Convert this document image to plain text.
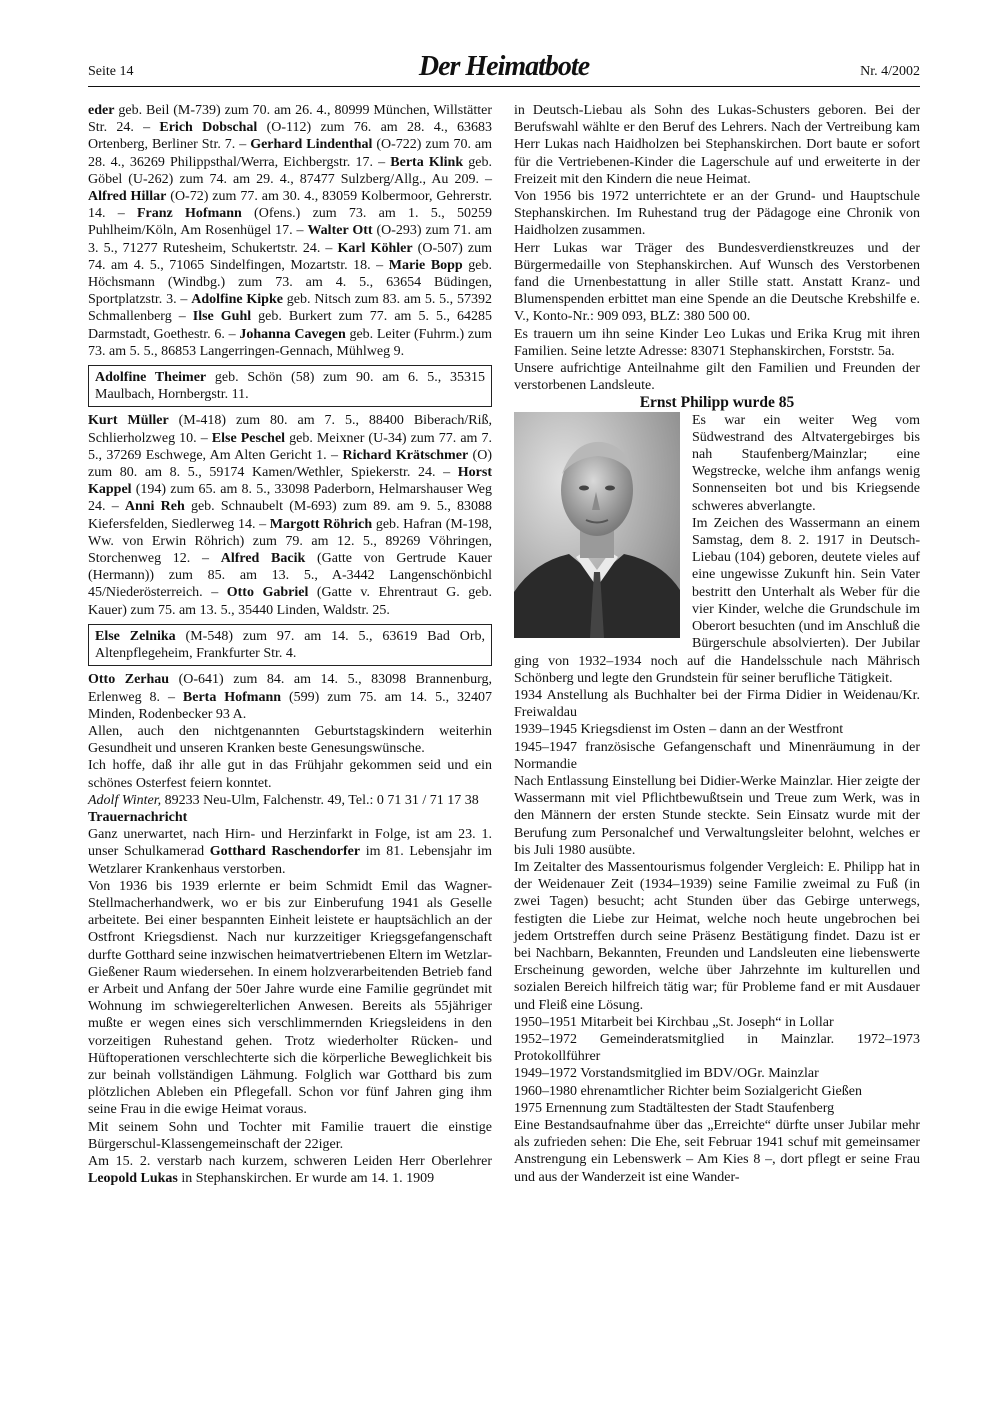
Seite 14	Der Heimatbote	Nr. 4/2002

eder geb. Beil (M-739) zum 70. am 26. 4., 80999 München, Willstätter Str. 24. – Erich Dobschal (O-112) zum 76. am 28. 4., 63683 Ortenberg, Berliner Str. 7. – Gerhard Lindenthal (O-722) zum 70. am 28. 4., 36269 Philippsthal/Werra, Eichbergstr. 17. – Berta Klink geb. Göbel (U-262) zum 74. am 29. 4., 87477 Sulzberg/Allg., Au 209. – Alfred Hillar (O-72) zum 77. am 30. 4., 83059 Kolbermoor, Gehrerstr. 14. – Franz Hofmann (Ofens.) zum 73. am 1. 5., 50259 Puhlheim/Köln, Am Rosenhügel 17. – Walter Ott (O-293) zum 71. am 3. 5., 71277 Rutesheim, Schukertstr. 24. – Karl Köhler (O-507) zum 74. am 4. 5., 71065 Sindelfingen, Mozartstr. 18. – Marie Bopp geb. Höchsmann (Windbg.) zum 73. am 4. 5., 63654 Büdingen, Sportplatzstr. 3. – Adolfine Kipke geb. Nitsch zum 83. am 5. 5., 57392 Schmallenberg – Ilse Guhl geb. Burkert zum 77. am 5. 5., 64285 Darmstadt, Goethestr. 6. – Johanna Cavegen geb. Leiter (Fuhrm.) zum 73. am 5. 5., 86853 Langerringen-Gennach, Mühlweg 9.

Adolfine Theimer geb. Schön (58) zum 90. am 6. 5., 35315 Maulbach, Hornbergstr. 11.

Kurt Müller (M-418) zum 80. am 7. 5., 88400 Biberach/Riß, Schlierholzweg 10. – Else Peschel geb. Meixner (U-34) zum 77. am 7. 5., 37269 Eschwege, Am Alten Gericht 1. – Richard Krätschmer (O) zum 80. am 8. 5., 59174 Kamen/Wethler, Spiekerstr. 24. – Horst Kappel (194) zum 65. am 8. 5., 33098 Paderborn, Helmarshauser Weg 24. – Anni Reh geb. Schnaubelt (M-693) zum 89. am 9. 5., 83088 Kiefersfelden, Siedlerweg 14. – Margott Röhrich geb. Hafran (M-198, Ww. von Erwin Röhrich) zum 79. am 12. 5., 89269 Vöhringen, Storchenweg 12. – Alfred Bacik (Gatte von Gertrude Kauer (Hermann)) zum 85. am 13. 5., A-3442 Langenschönbichl 45/Niederösterreich. – Otto Gabriel (Gatte v. Ehrentraut G. geb. Kauer) zum 75. am 13. 5., 35440 Linden, Waldstr. 25.

Else Zelnika (M-548) zum 97. am 14. 5., 63619 Bad Orb, Altenpflegeheim, Frankfurter Str. 4.

Otto Zerhau (O-641) zum 84. am 14. 5., 83098 Brannenburg, Erlenweg 8. – Berta Hofmann (599) zum 75. am 14. 5., 32407 Minden, Rodenbecker 93 A.

Allen, auch den nichtgenannten Geburtstagskindern weiterhin Gesundheit und unseren Kranken beste Genesungswünsche.

Ich hoffe, daß ihr alle gut in das Frühjahr gekommen seid und ein schönes Osterfest feiern konntet.

Adolf Winter, 89233 Neu-Ulm, Falchenstr. 49, Tel.: 0 71 31 / 71 17 38

Trauernachricht

Ganz unerwartet, nach Hirn- und Herzinfarkt in Folge, ist am 23. 1. unser Schulkamerad Gotthard Raschendorfer im 81. Lebensjahr im Wetzlarer Krankenhaus verstorben.

Von 1936 bis 1939 erlernte er beim Schmidt Emil das Wagner-Stellmacherhandwerk, wo er bis zur Einberufung 1941 als Geselle arbeitete. Bei einer bespannten Einheit leistete er hauptsächlich an der Ostfront Kriegsdienst. Nach nur kurzzeitiger Kriegsgefangenschaft durfte Gotthard seine inzwischen heimatvertriebenen Eltern im Wetzlar-Gießener Raum wiedersehen. In einem holzverarbeitenden Betrieb fand er Arbeit und Anfang der 50er Jahre wurde eine Familie gegründet mit Wohnung im schwiegerelterlichen Anwesen. Bereits als 55jähriger mußte er wegen eines sich verschlimmernden Kriegsleidens in den vorzeitigen Ruhestand gehen. Trotz wiederholter Rücken- und Hüftoperationen verschlechterte sich die körperliche Beweglichkeit bis zur beinah vollständigen Lähmung. Folglich war Gotthard bis zum plötzlichen Ableben ein Pflegefall. Schon vor fünf Jahren ging ihm seine Frau in die ewige Heimat voraus.

Mit seinem Sohn und Tochter mit Familie trauert die einstige Bürgerschul-Klassengemeinschaft der 22iger.

Am 15. 2. verstarb nach kurzem, schweren Leiden Herr Oberlehrer Leopold Lukas in Stephanskirchen. Er wurde am 14. 1. 1909

in Deutsch-Liebau als Sohn des Lukas-Schusters geboren. Bei der Berufswahl wählte er den Beruf des Lehrers. Nach der Vertreibung kam Herr Lukas nach Haidholzen bei Stephanskirchen. Dort baute er sofort für die Vertriebenen-Kinder die Lagerschule auf und erweiterte in der Freizeit mit den Kindern die neue Heimat.

Von 1956 bis 1972 unterrichtete er an der Grund- und Hauptschule Stephanskirchen. Im Ruhestand trug der Pädagoge eine Chronik von Haidholzen zusammen.

Herr Lukas war Träger des Bundesverdienstkreuzes und der Bürgermedaille von Stephanskirchen. Auf Wunsch des Verstorbenen fand die Urnenbestattung in aller Stille statt. Anstatt Kranz- und Blumenspenden erbittet man eine Spende an die Deutsche Krebshilfe e. V., Konto-Nr.: 909 093, BLZ: 380 500 00.

Es trauern um ihn seine Kinder Leo Lukas und Erika Krug mit ihren Familien. Seine letzte Adresse: 83071 Stephanskirchen, Forststr. 5a.

Unsere aufrichtige Anteilnahme gilt den Familien und Freunden der verstorbenen Landsleute.

Ernst Philipp wurde 85

Es war ein weiter Weg vom Südwestrand des Altvatergebirges bis nah Staufenberg/Mainzlar; eine Wegstrecke, welche ihm anfangs wenig Sonnenseiten bot und bis Kriegsende schweres abverlangte.

Im Zeichen des Wassermann an einem Samstag, dem 8. 2. 1917 in Deutsch-Liebau (104) geboren, deutete vieles auf eine ungewisse Zukunft hin. Sein Vater bestritt den Unterhalt als Weber für die vier Kinder, welche die Grundschule im Oberort besuchten (und im Anschluß die Bürgerschule absolvierten). Der Jubilar ging von 1932–1934 noch auf die Handelsschule nach Mährisch Schönberg und legte den Grundstein für seiner berufliche Tätigkeit.

1934 Anstellung als Buchhalter bei der Firma Didier in Weidenau/Kr. Freiwaldau

1939–1945 Kriegsdienst im Osten – dann an der Westfront

1945–1947 französische Gefangenschaft und Minenräumung in der Normandie

Nach Entlassung Einstellung bei Didier-Werke Mainzlar. Hier zeigte der Wassermann mit viel Pflichtbewußtsein und Treue zum Werk, was in den Männern der ersten Stunde steckte. Sein Einsatz wurde mit der Berufung zum Personalchef und Verwaltungsleiter belohnt, welches er bis Juli 1980 ausübte.

Im Zeitalter des Massentourismus folgender Vergleich: E. Philipp hat in der Weidenauer Zeit (1934–1939) seine Familie zweimal zu Fuß (in zwei Tagen) besucht; acht Stunden über das Gebirge unterwegs, festigten die Liebe zur Heimat, welche noch heute ungebrochen bei jedem Ortstreffen durch seine Präsenz Bestätigung findet. Dazu ist er bei Nachbarn, Bekannten, Freunden und Landsleuten eine liebenswerte Erscheinung geworden, welche über Jahrzehnte im kulturellen und sozialen Bereich hilfreich tätig war; für Probleme fand er mit Ausdauer und Fleiß eine Lösung.

1950–1951 Mitarbeit bei Kirchbau „St. Joseph“ in Lollar

1952–1972 Gemeinderatsmitglied in Mainzlar. 1972–1973 Protokollführer

1949–1972 Vorstandsmitglied im BDV/OGr. Mainzlar

1960–1980 ehrenamtlicher Richter beim Sozialgericht Gießen

1975 Ernennung zum Stadtältesten der Stadt Staufenberg

Eine Bestandsaufnahme über das „Erreichte“ dürfte unser Jubilar mehr als zufrieden sehen: Die Ehe, seit Februar 1941 schuf mit gemeinsamer Anstrengung ein Lebenswerk – Am Kies 8 –, dort pflegt er seine Frau und aus der Wanderzeit ist eine Wander-
